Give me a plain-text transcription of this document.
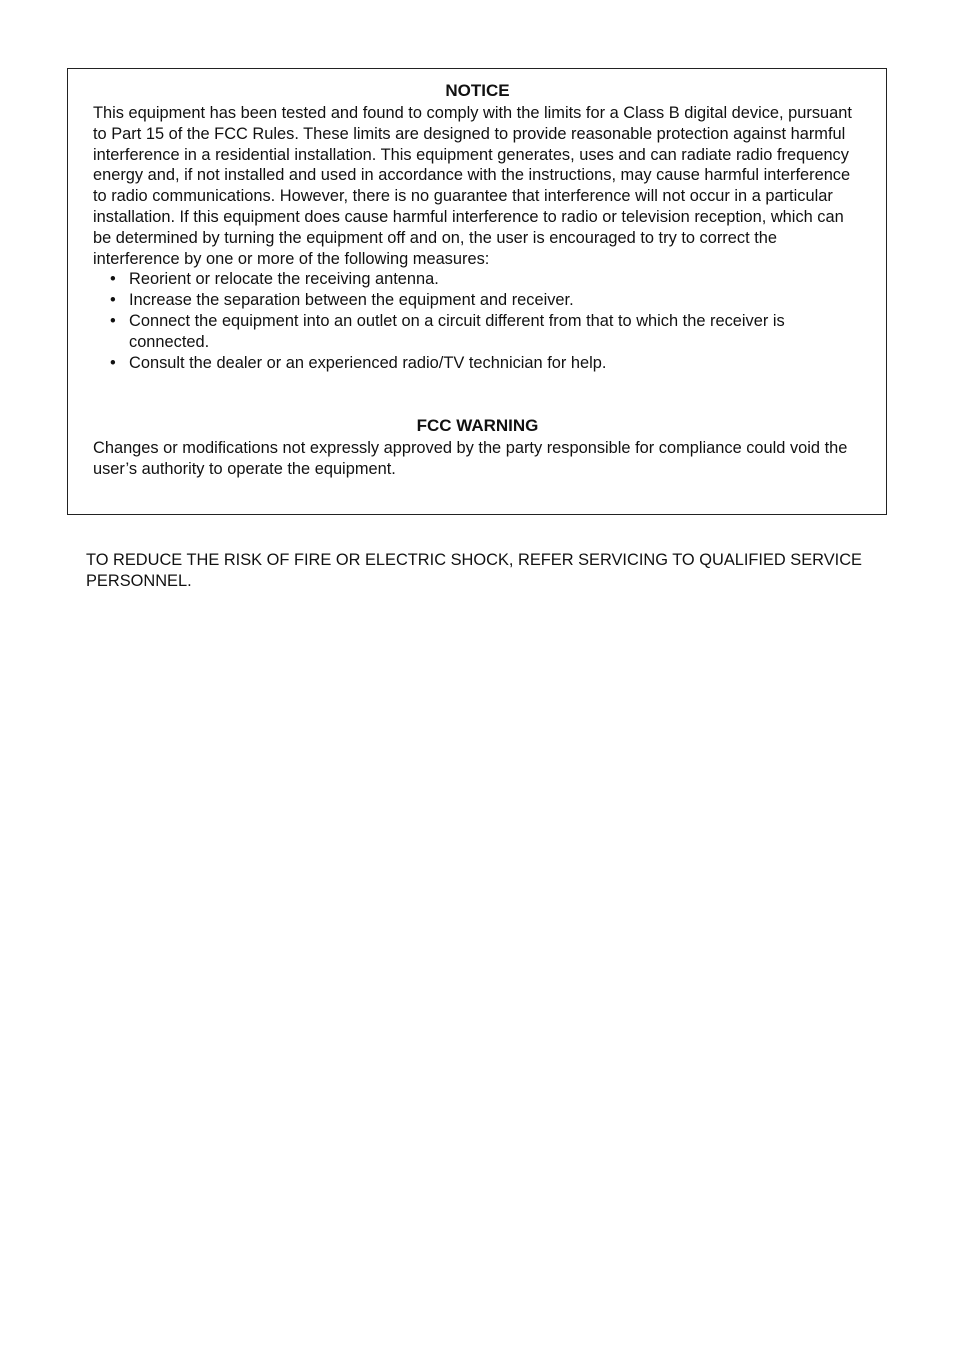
NOTICE

This equipment has been tested and found to comply with the limits for a Class B digital device, pursuant to Part 15 of the FCC Rules. These limits are designed to provide reasonable protection against harmful interference in a residential installation. This equipment generates, uses and can radiate radio frequency energy and, if not installed and used in accordance with the instructions, may cause harmful interference to radio communications. However, there is no guarantee that interference will not occur in a particular installation. If this equipment does cause harmful interference to radio or television reception, which can be determined by turning the equipment off and on, the user is encouraged to try to correct the interference by one or more of the following measures:

• Reorient or relocate the receiving antenna.
• Increase the separation between the equipment and receiver.
• Connect the equipment into an outlet on a circuit different from that to which the receiver is connected.
• Consult the dealer or an experienced radio/TV technician for help.
FCC WARNING

Changes or modifications not expressly approved by the party responsible for compliance could void the user’s authority to operate the equipment.

TO REDUCE THE RISK OF FIRE OR ELECTRIC SHOCK, REFER SERVICING TO QUALIFIED SERVICE PERSONNEL.
